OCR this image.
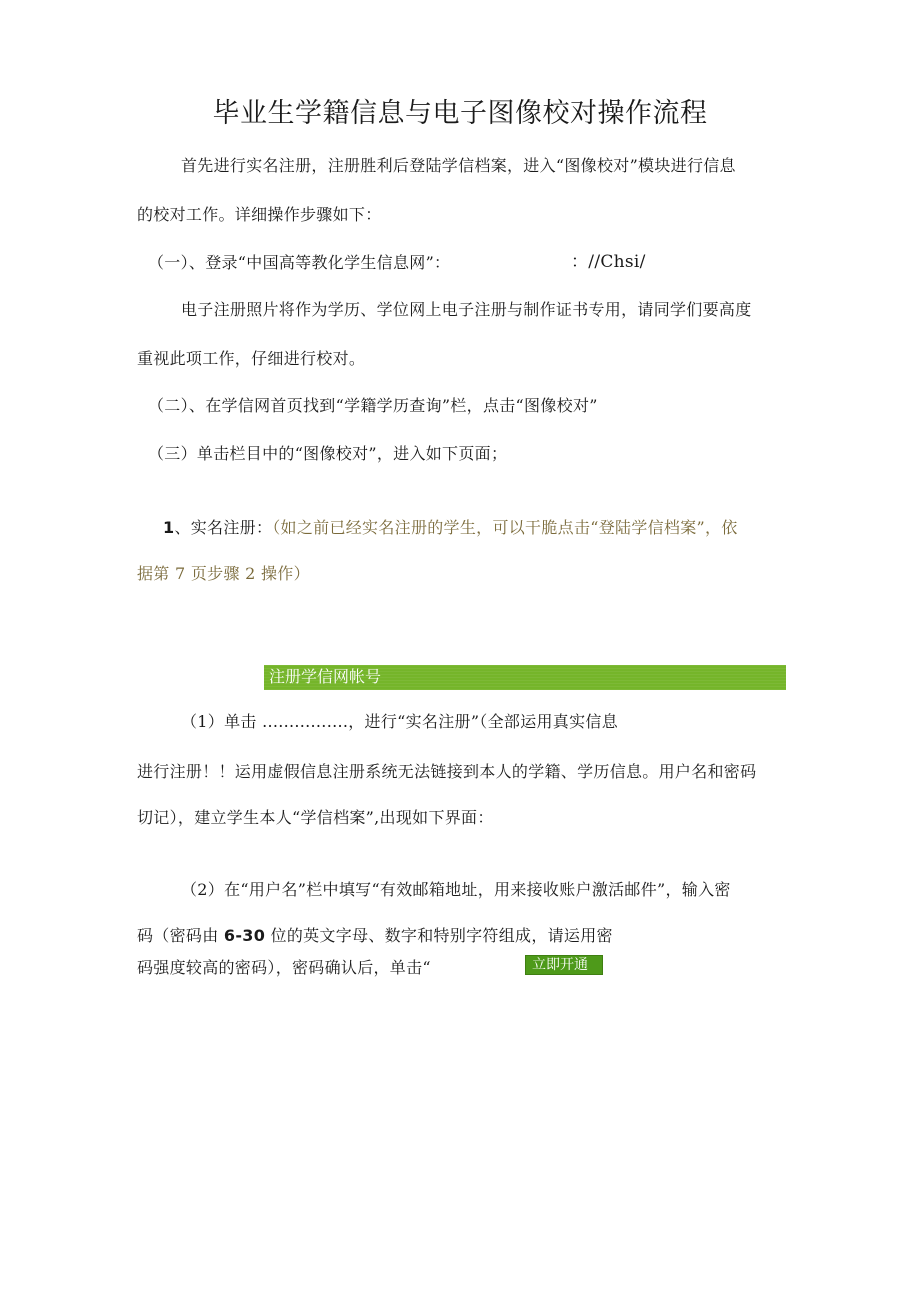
毕业生学籍信息与电子图像校对操作流程
首先进行实名注册，注册胜利后登陆学信档案，进入“图像校对”模块进行信息
的校对工作。详细操作步骤如下：
（一）、登录“中国高等教化学生信息网”：	：//Chsi/
电子注册照片将作为学历、学位网上电子注册与制作证书专用，请同学们要高度
重视此项工作，仔细进行校对。
（二）、在学信网首页找到“学籍学历查询”栏，点击“图像校对”
（三）单击栏目中的“图像校对”，进入如下页面；
1、实名注册：（如之前已经实名注册的学生，可以干脆点击“登陆学信档案”，依
据第 7 页步骤 2 操作）
注册学信网帐号
（1）单击 ................，进行“实名注册”（全部运用真实信息
进行注册！！运用虚假信息注册系统无法链接到本人的学籍、学历信息。用户名和密码
切记），建立学生本人“学信档案”,出现如下界面：
（2）在“用户名”栏中填写“有效邮箱地址，用来接收账户激活邮件”，输入密
码（密码由 6-30 位的英文字母、数字和特别字符组成，请运用密
码强度较高的密码），密码确认后，单击“	立即开通
